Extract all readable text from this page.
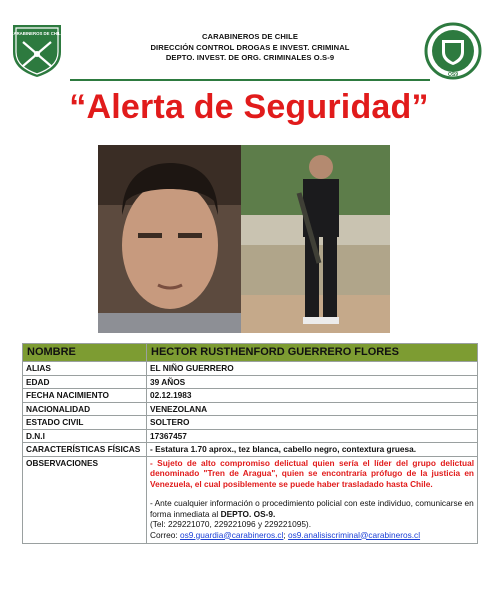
CARABINEROS DE CHILE	CARABINEROS DE CHILE
DIRECCIÓN CONTROL DROGAS E INVEST. CRIMINAL
DEPTO. INVEST. DE ORG. CRIMINALES O.S-9
OS9
“Alerta de Seguridad”
NOMBRE	HECTOR RUSTHENFORD GUERRERO FLORES
ALIAS	EL NIÑO GUERRERO
EDAD	39 AÑOS
FECHA NACIMIENTO	02.12.1983
NACIONALIDAD	VENEZOLANA
ESTADO CIVIL	SOLTERO
D.N.I	17367457
CARACTERÍSTICAS FÍSICAS	- Estatura 1.70 aprox., tez blanca, cabello negro, contextura gruesa.

OBSERVACIONES	- Sujeto de alto compromiso delictual quien sería el líder del grupo delictual denominado "Tren de Aragua", quien se encontraría prófugo de la justicia en Venezuela, el cual posiblemente se puede haber trasladado hasta Chile.
- Ante cualquier información o procedimiento policial con este individuo, comunicarse en forma inmediata al DEPTO. OS-9.
(Tel: 229221070, 229221096 y 229221095).
Correo: os9.guardia@carabineros.cl; os9.analisiscriminal@carabineros.cl
